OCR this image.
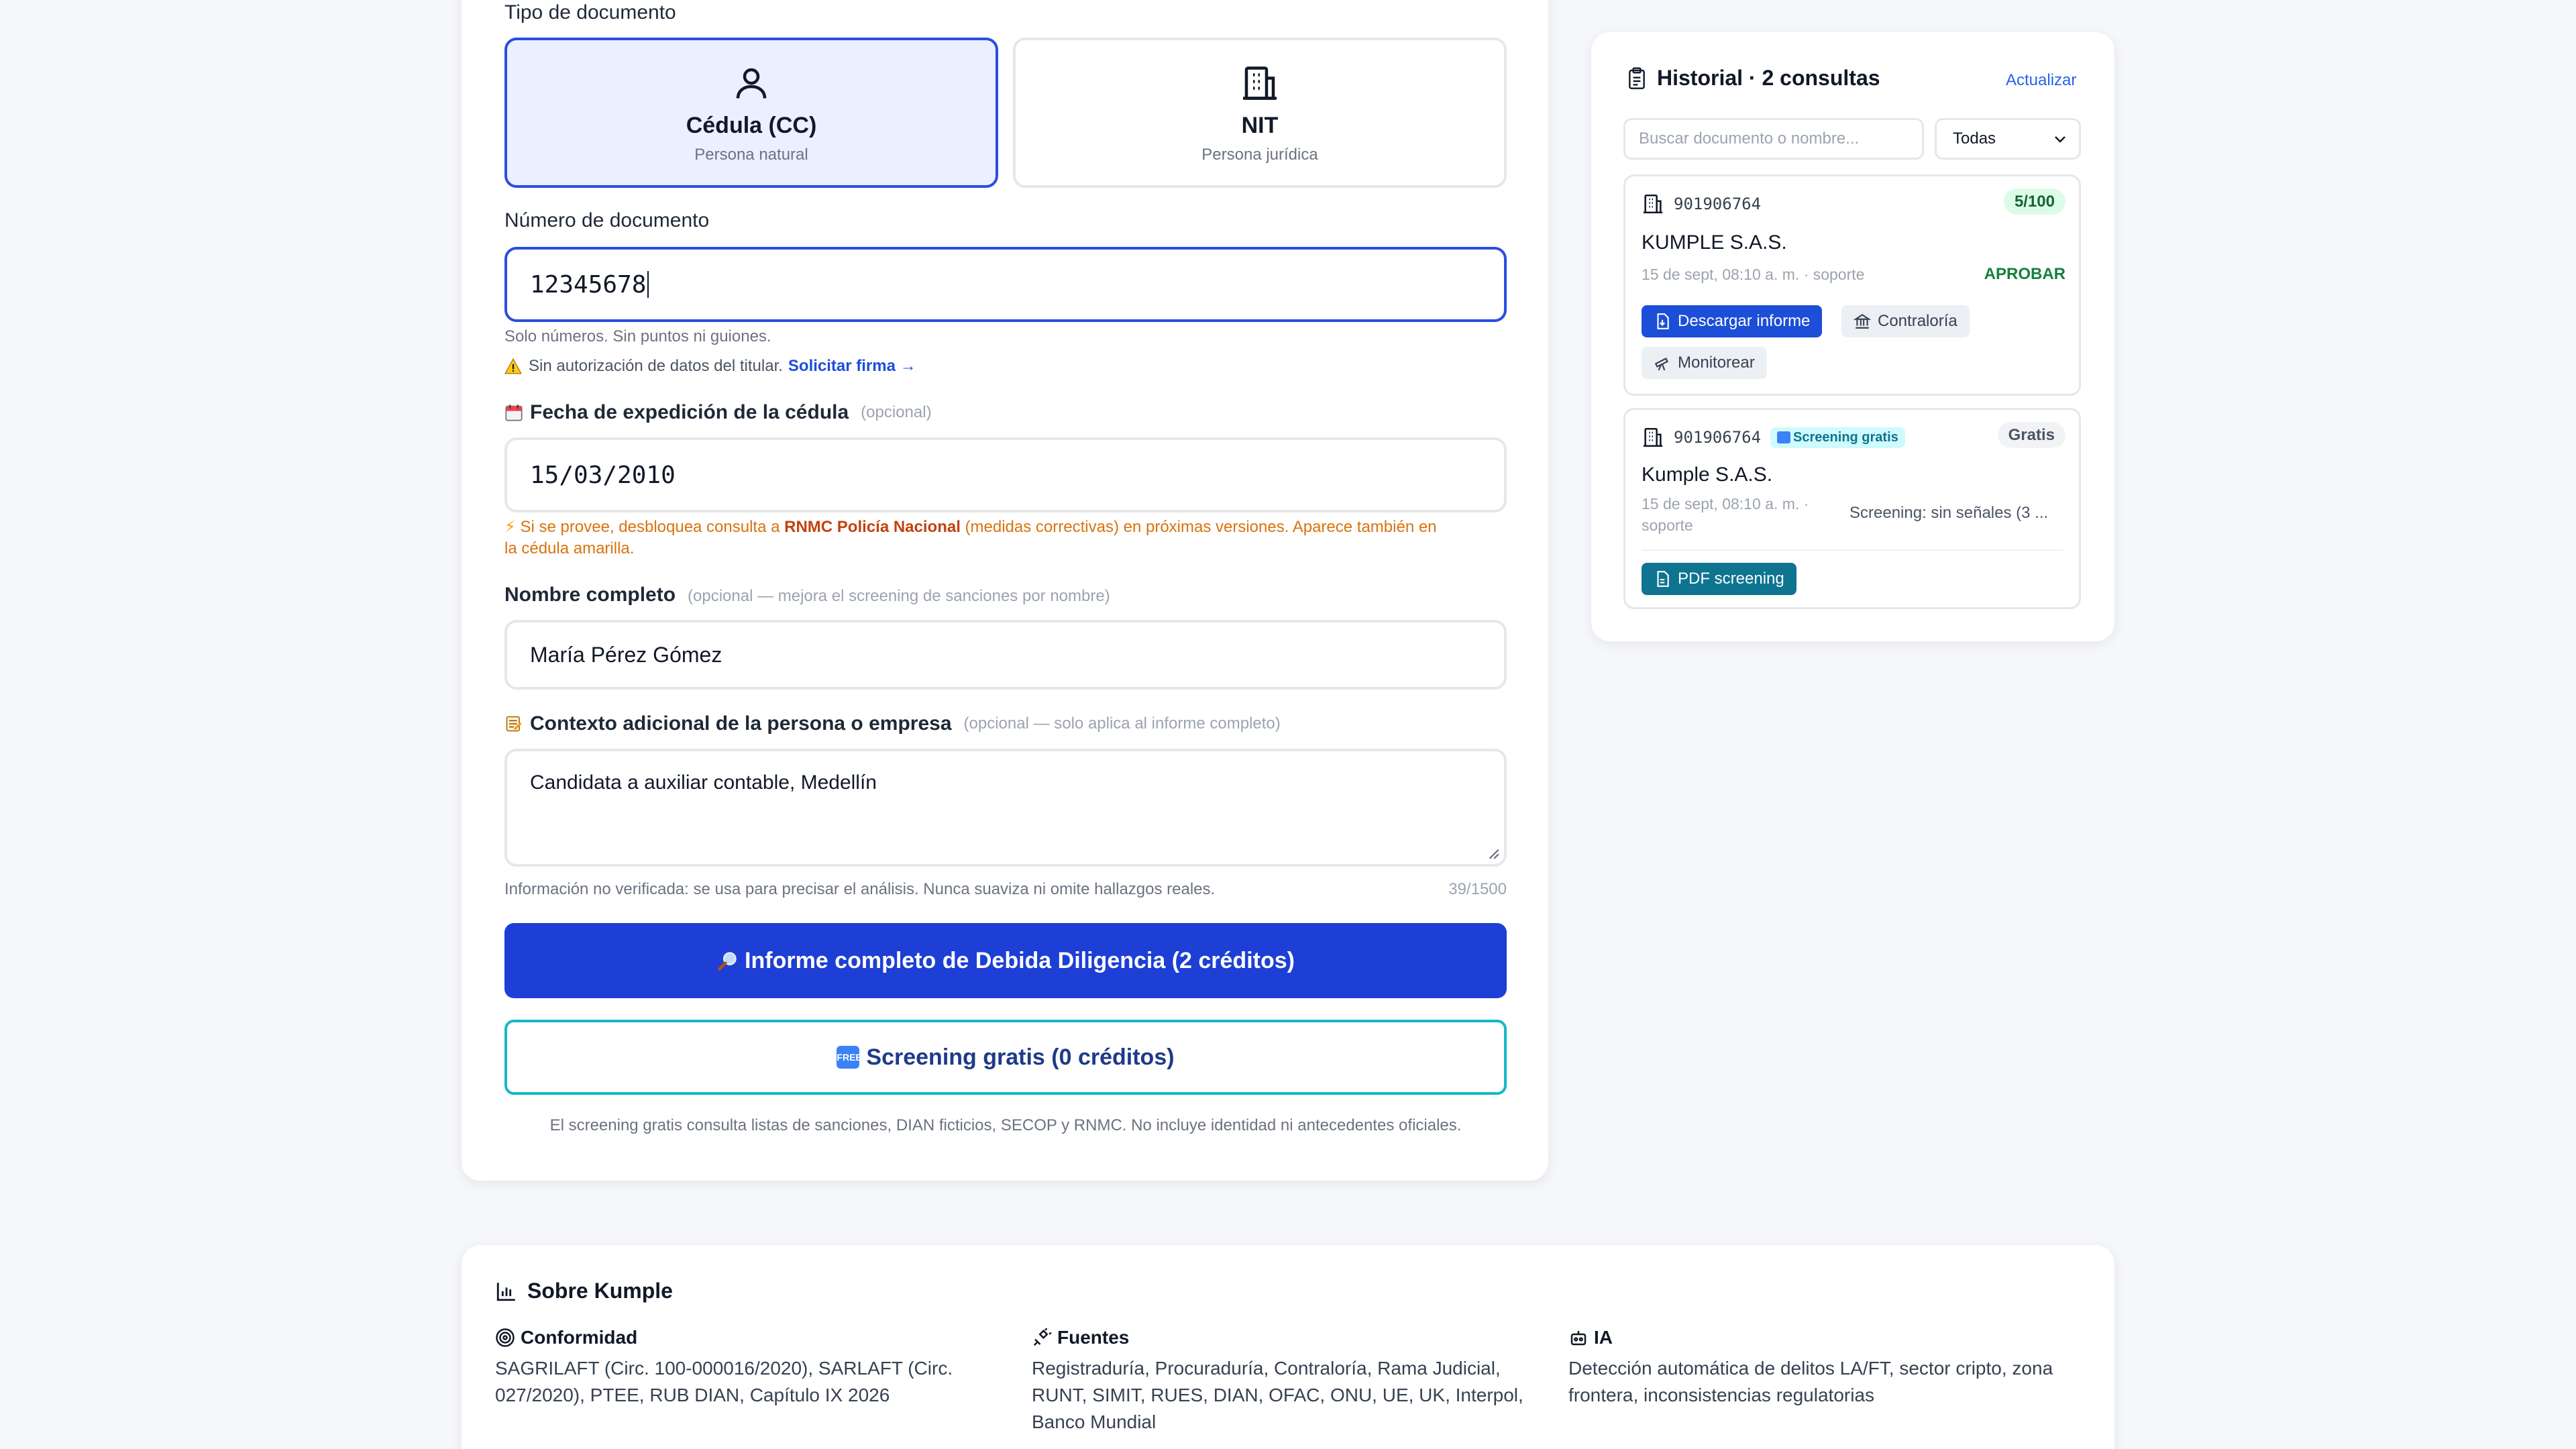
Tipo de documento
Cédula (CC)
Persona natural
NIT
Persona jurídica
Número de documento
12345678
Solo números. Sin puntos ni guiones.
Sin autorización de datos del titular. Solicitar firma →
Fecha de expedición de la cédula (opcional)
15/03/2010
⚡ Si se provee, desbloquea consulta a RNMC Policía Nacional (medidas correctivas) en próximas versiones. Aparece también en
la cédula amarilla.
Nombre completo (opcional — mejora el screening de sanciones por nombre)
María Pérez Gómez
Contexto adicional de la persona o empresa (opcional — solo aplica al informe completo)
Candidata a auxiliar contable, Medellín
Información no verificada: se usa para precisar el análisis. Nunca suaviza ni omite hallazgos reales.	39/1500
Informe completo de Debida Diligencia (2 créditos)
FREE Screening gratis (0 créditos)
El screening gratis consulta listas de sanciones, DIAN ficticios, SECOP y RNMC. No incluye identidad ni antecedentes oficiales.
Historial · 2 consultas	Actualizar
Buscar documento o nombre...	Todas
901906764	5/100
KUMPLE S.A.S.
15 de sept, 08:10 a. m. · soporte	APROBAR
Descargar informe	Contraloría
Monitorear
901906764 Screening gratis	Gratis
Kumple S.A.S.
15 de sept, 08:10 a. m. ·
soporte
Screening: sin señales (3 ...
PDF screening
Sobre Kumple
Conformidad
SAGRILAFT (Circ. 100-000016/2020), SARLAFT (Circ. 027/2020), PTEE, RUB DIAN, Capítulo IX 2026
Fuentes
Registraduría, Procuraduría, Contraloría, Rama Judicial, RUNT, SIMIT, RUES, DIAN, OFAC, ONU, UE, UK, Interpol, Banco Mundial
IA
Detección automática de delitos LA/FT, sector cripto, zona frontera, inconsistencias regulatorias
